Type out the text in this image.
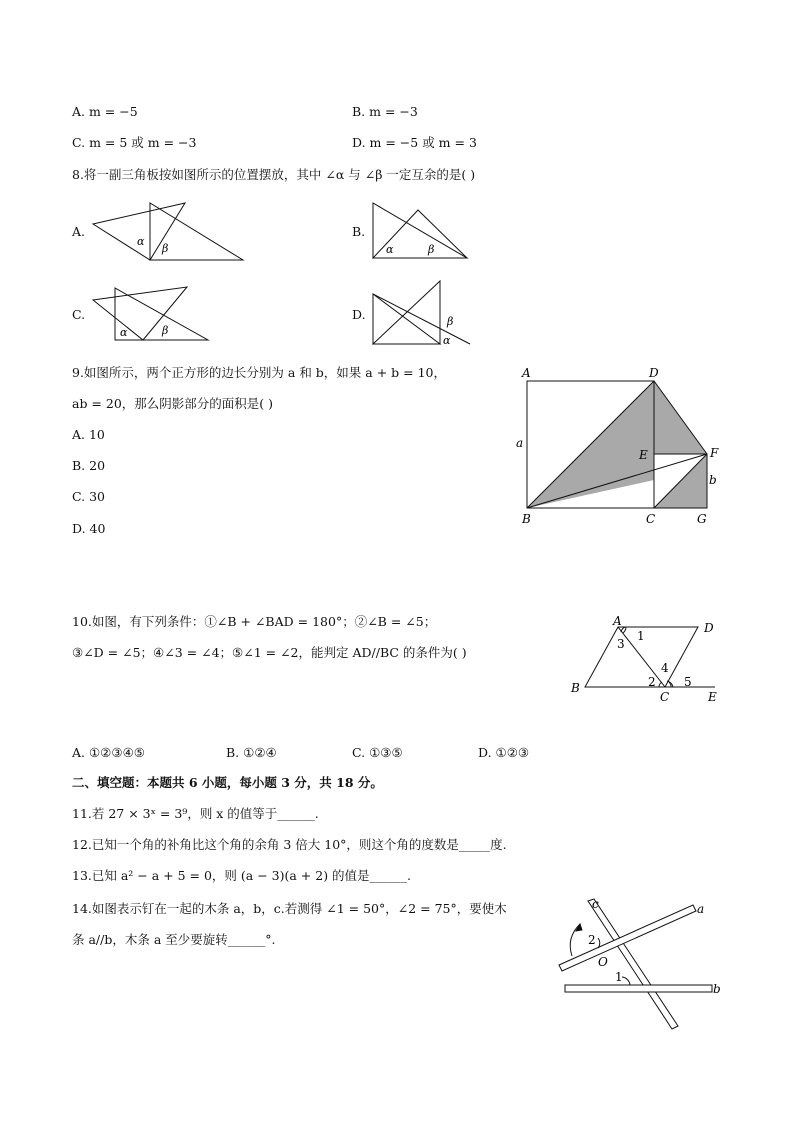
A. m = −5	B. m = −3
C. m = 5 或 m = −3	D. m = −5 或 m = 3
8.将一副三角板按如图所示的位置摆放，其中 ∠α 与 ∠β 一定互余的是( )
A.
α
β
B.
α	β
C.
α	β
D.	β
α
9.如图所示，两个正方形的边长分别为 a 和 b，如果 a + b = 10，
ab = 20，那么阴影部分的面积是( )
A. 10
B. 20
C. 30
D. 40
A	D
a
E	F
b
B	C	G
10.如图，有下列条件：①∠B + ∠BAD = 180°；②∠B = ∠5；
③∠D = ∠5；④∠3 = ∠4；⑤∠1 = ∠2，能判定 AD//BC 的条件为( )
A	D
B
C	E
1
3
4
2 5
A. ①②③④⑤	B. ①②④	C. ①③⑤	D. ①②③
二、填空题：本题共 6 小题，每小题 3 分，共 18 分。
11.若 27 × 3ˣ = 3⁹，则 x 的值等于______.
12.已知一个角的补角比这个角的余角 3 倍大 10°，则这个角的度数是_____度.
13.已知 a² − a + 5 = 0，则 (a − 3)(a + 2) 的值是______.
14.如图表示钉在一起的木条 a，b，c.若测得 ∠1 = 50°，∠2 = 75°，要使木
条 a//b，木条 a 至少要旋转______°.
c	a
2
O
1
b
